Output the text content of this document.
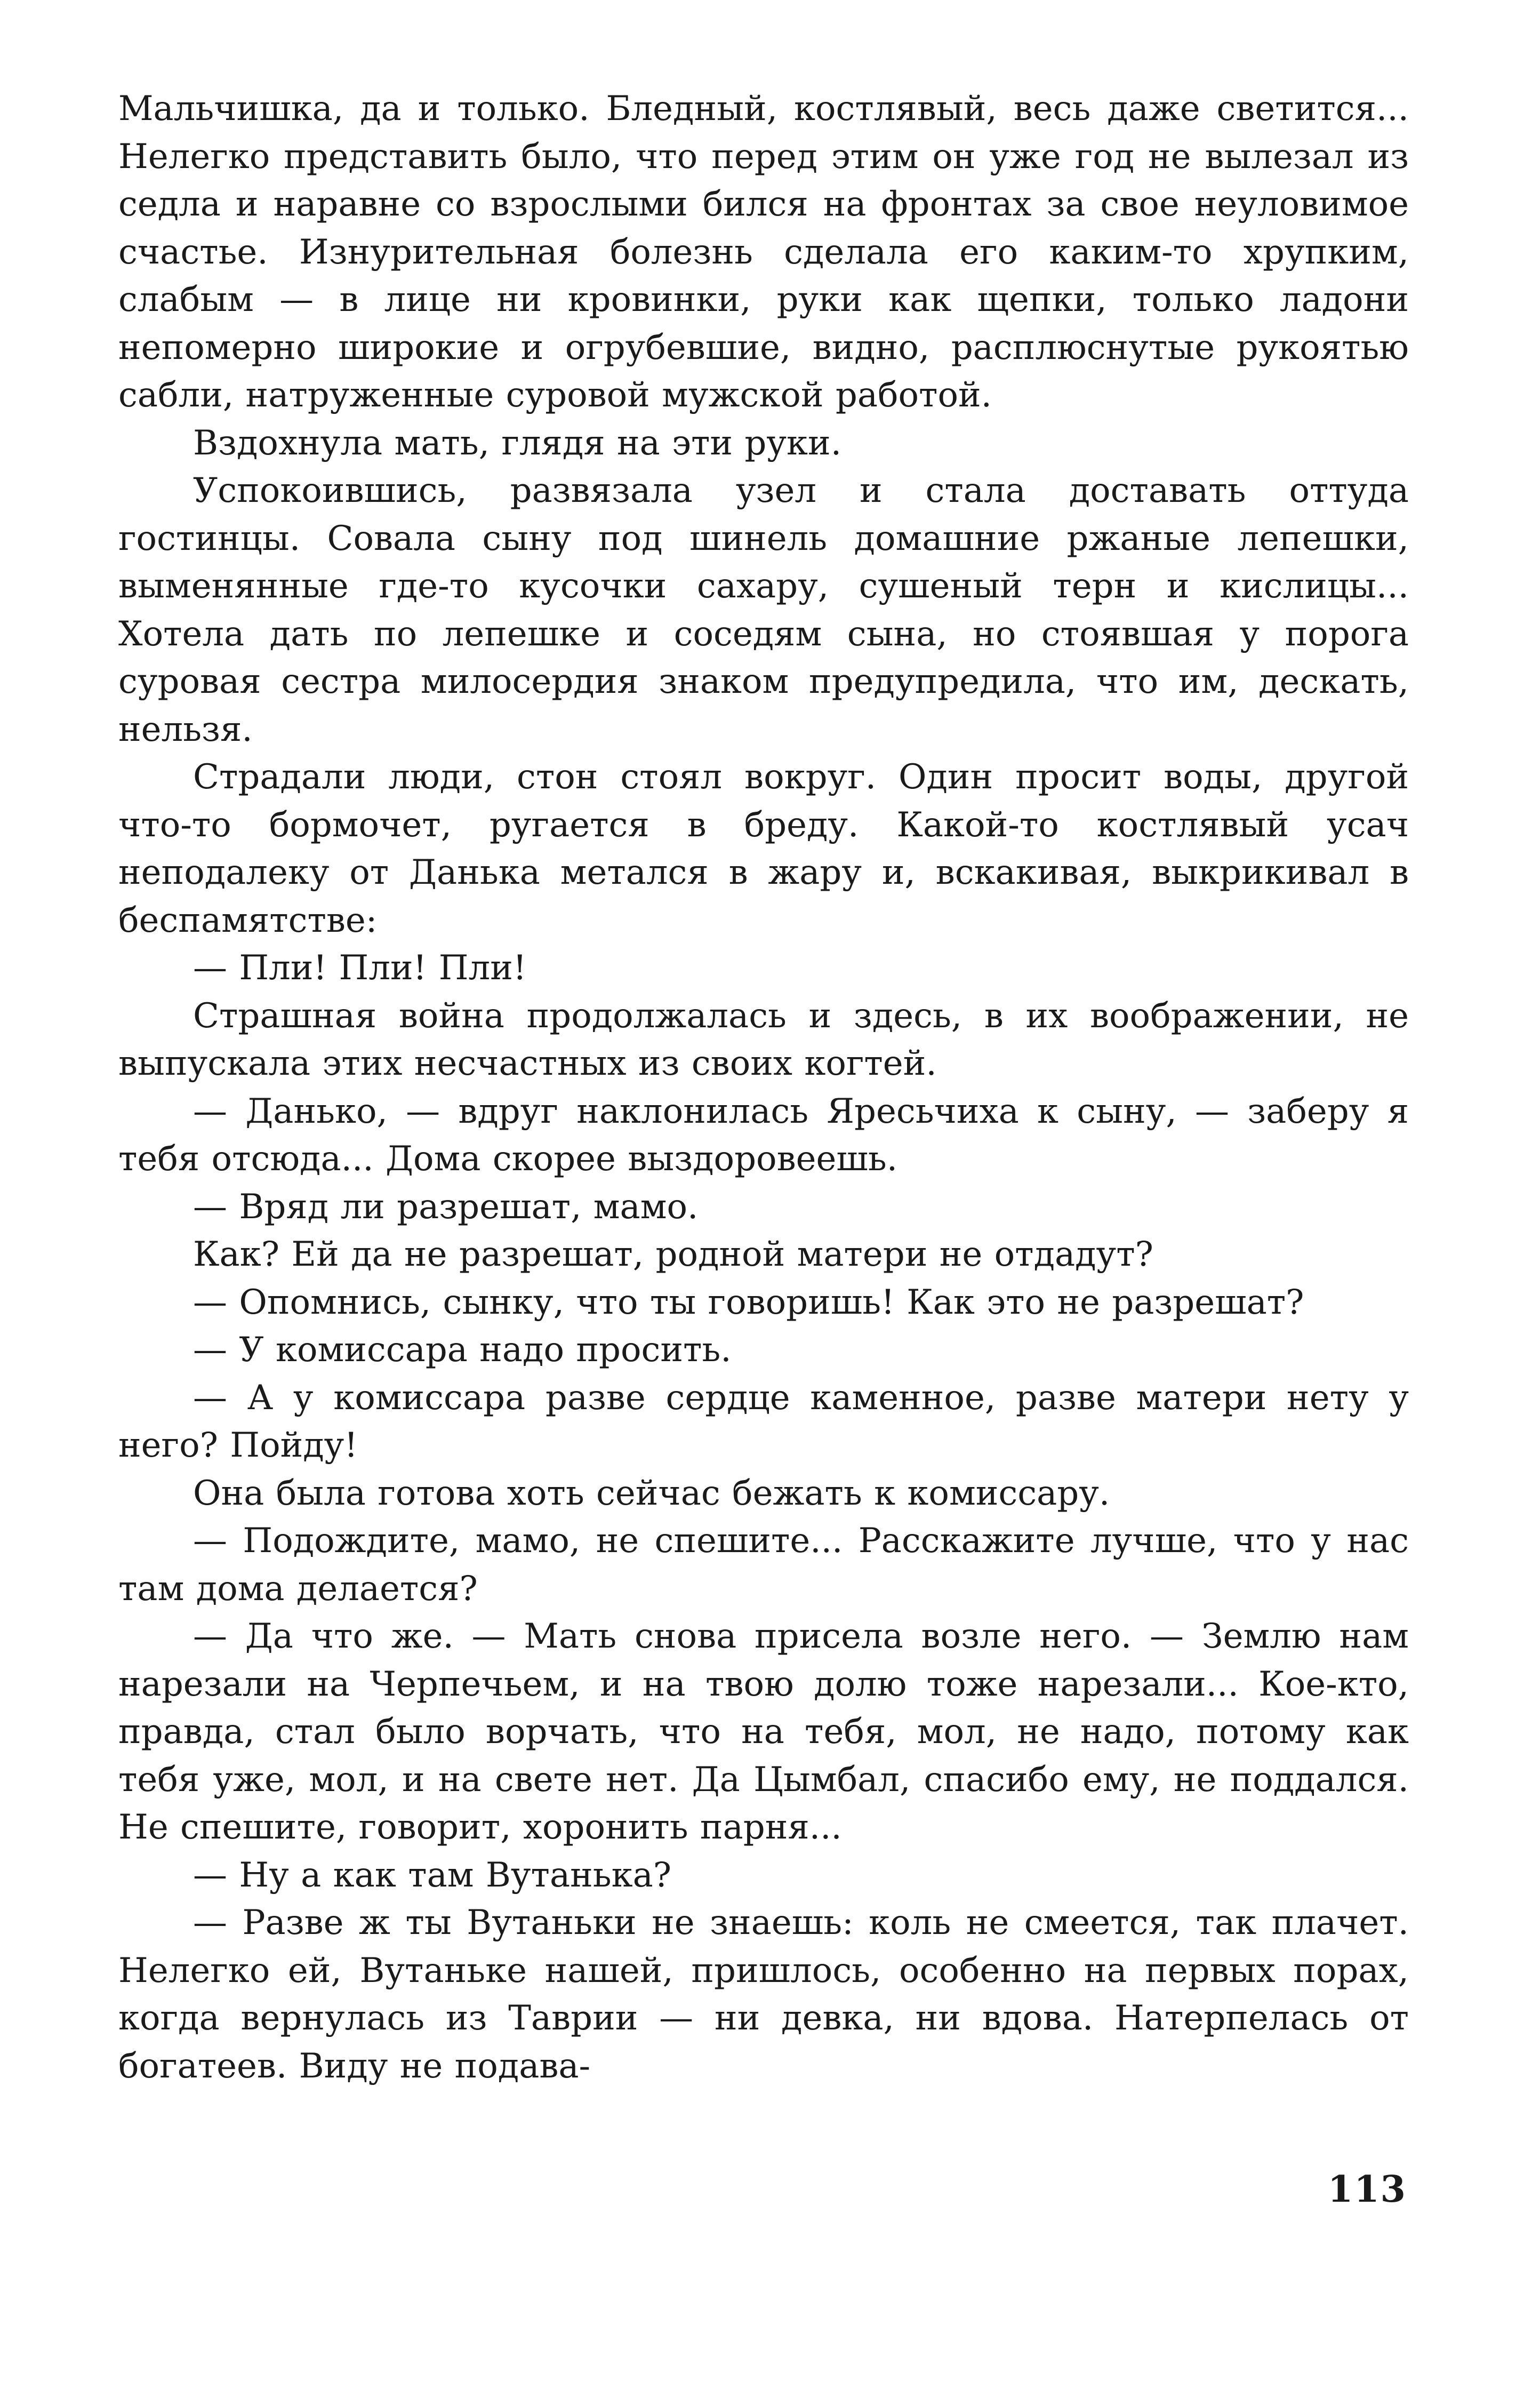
Мальчишка, да и только. Бледный, костлявый, весь даже светится... Нелегко представить было, что перед этим он уже год не вылезал из седла и наравне со взрослыми бился на фронтах за свое неуловимое счастье. Изнурительная болезнь сделала его каким-то хрупким, слабым — в лице ни кровинки, руки как щепки, только ладони непомерно широкие и огрубевшие, видно, расплюснутые рукоятью сабли, натруженные суровой мужской работой.

Вздохнула мать, глядя на эти руки.

Успокоившись, развязала узел и стала доставать оттуда гостинцы. Совала сыну под шинель домашние ржаные лепешки, выменянные где-то кусочки сахару, сушеный терн и кислицы... Хотела дать по лепешке и соседям сына, но стоявшая у порога суровая сестра милосердия знаком предупредила, что им, дескать, нельзя.

Страдали люди, стон стоял вокруг. Один просит воды, другой что-то бормочет, ругается в бреду. Какой-то костлявый усач неподалеку от Данька метался в жару и, вскакивая, выкрикивал в беспамятстве:

— Пли! Пли! Пли!

Страшная война продолжалась и здесь, в их воображении, не выпускала этих несчастных из своих когтей.

— Данько, — вдруг наклонилась Яресьчиха к сыну, — заберу я тебя отсюда... Дома скорее выздоровеешь.

— Вряд ли разрешат, мамо.

Как? Ей да не разрешат, родной матери не отдадут?

— Опомнись, сынку, что ты говоришь! Как это не разрешат?

— У комиссара надо просить.

— А у комиссара разве сердце каменное, разве матери нету у него? Пойду!

Она была готова хоть сейчас бежать к комиссару.

— Подождите, мамо, не спешите... Расскажите лучше, что у нас там дома делается?

— Да что же. — Мать снова присела возле него. — Землю нам нарезали на Черпечьем, и на твою долю тоже нарезали... Кое-кто, правда, стал было ворчать, что на тебя, мол, не надо, потому как тебя уже, мол, и на свете нет. Да Цымбал, спасибо ему, не поддался. Не спешите, говорит, хоронить парня...

— Ну а как там Вутанька?

— Разве ж ты Вутаньки не знаешь: коль не смеется, так плачет. Нелегко ей, Вутаньке нашей, пришлось, особенно на первых порах, когда вернулась из Таврии — ни девка, ни вдова. Натерпелась от богатеев. Виду не подава-

113
